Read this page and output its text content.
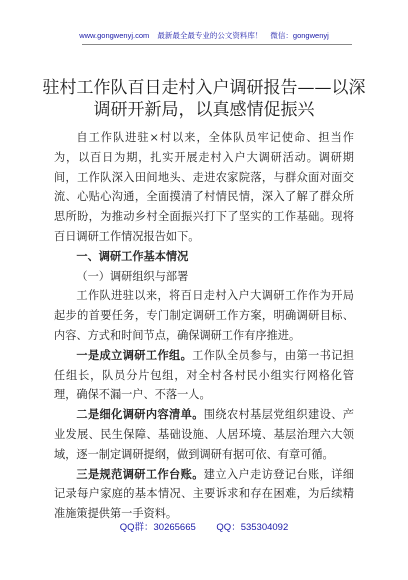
www.gongwenyj.com 最新最全最专业的公文资料库！ 微信：gongwenyj
驻村工作队百日走村入户调研报告——以深调研开新局，以真感情促振兴

自工作队进驻×村以来，全体队员牢记使命、担当作为，以百日为期，扎实开展走村入户大调研活动。调研期间，工作队深入田间地头、走进农家院落，与群众面对面交流、心贴心沟通，全面摸清了村情民情，深入了解了群众所思所盼，为推动乡村全面振兴打下了坚实的工作基础。现将百日调研工作情况报告如下。

一、调研工作基本情况

（一）调研组织与部署

工作队进驻以来，将百日走村入户大调研工作作为开局起步的首要任务，专门制定调研工作方案，明确调研目标、内容、方式和时间节点，确保调研工作有序推进。

一是成立调研工作组。工作队全员参与，由第一书记担任组长，队员分片包组，对全村各村民小组实行网格化管理，确保不漏一户、不落一人。

二是细化调研内容清单。围绕农村基层党组织建设、产业发展、民生保障、基础设施、人居环境、基层治理六大领域，逐一制定调研提纲，做到调研有据可依、有章可循。

三是规范调研工作台账。建立入户走访登记台账，详细记录每户家庭的基本情况、主要诉求和存在困难，为后续精准施策提供第一手资料。

QQ群：30265665 QQ：535304092
